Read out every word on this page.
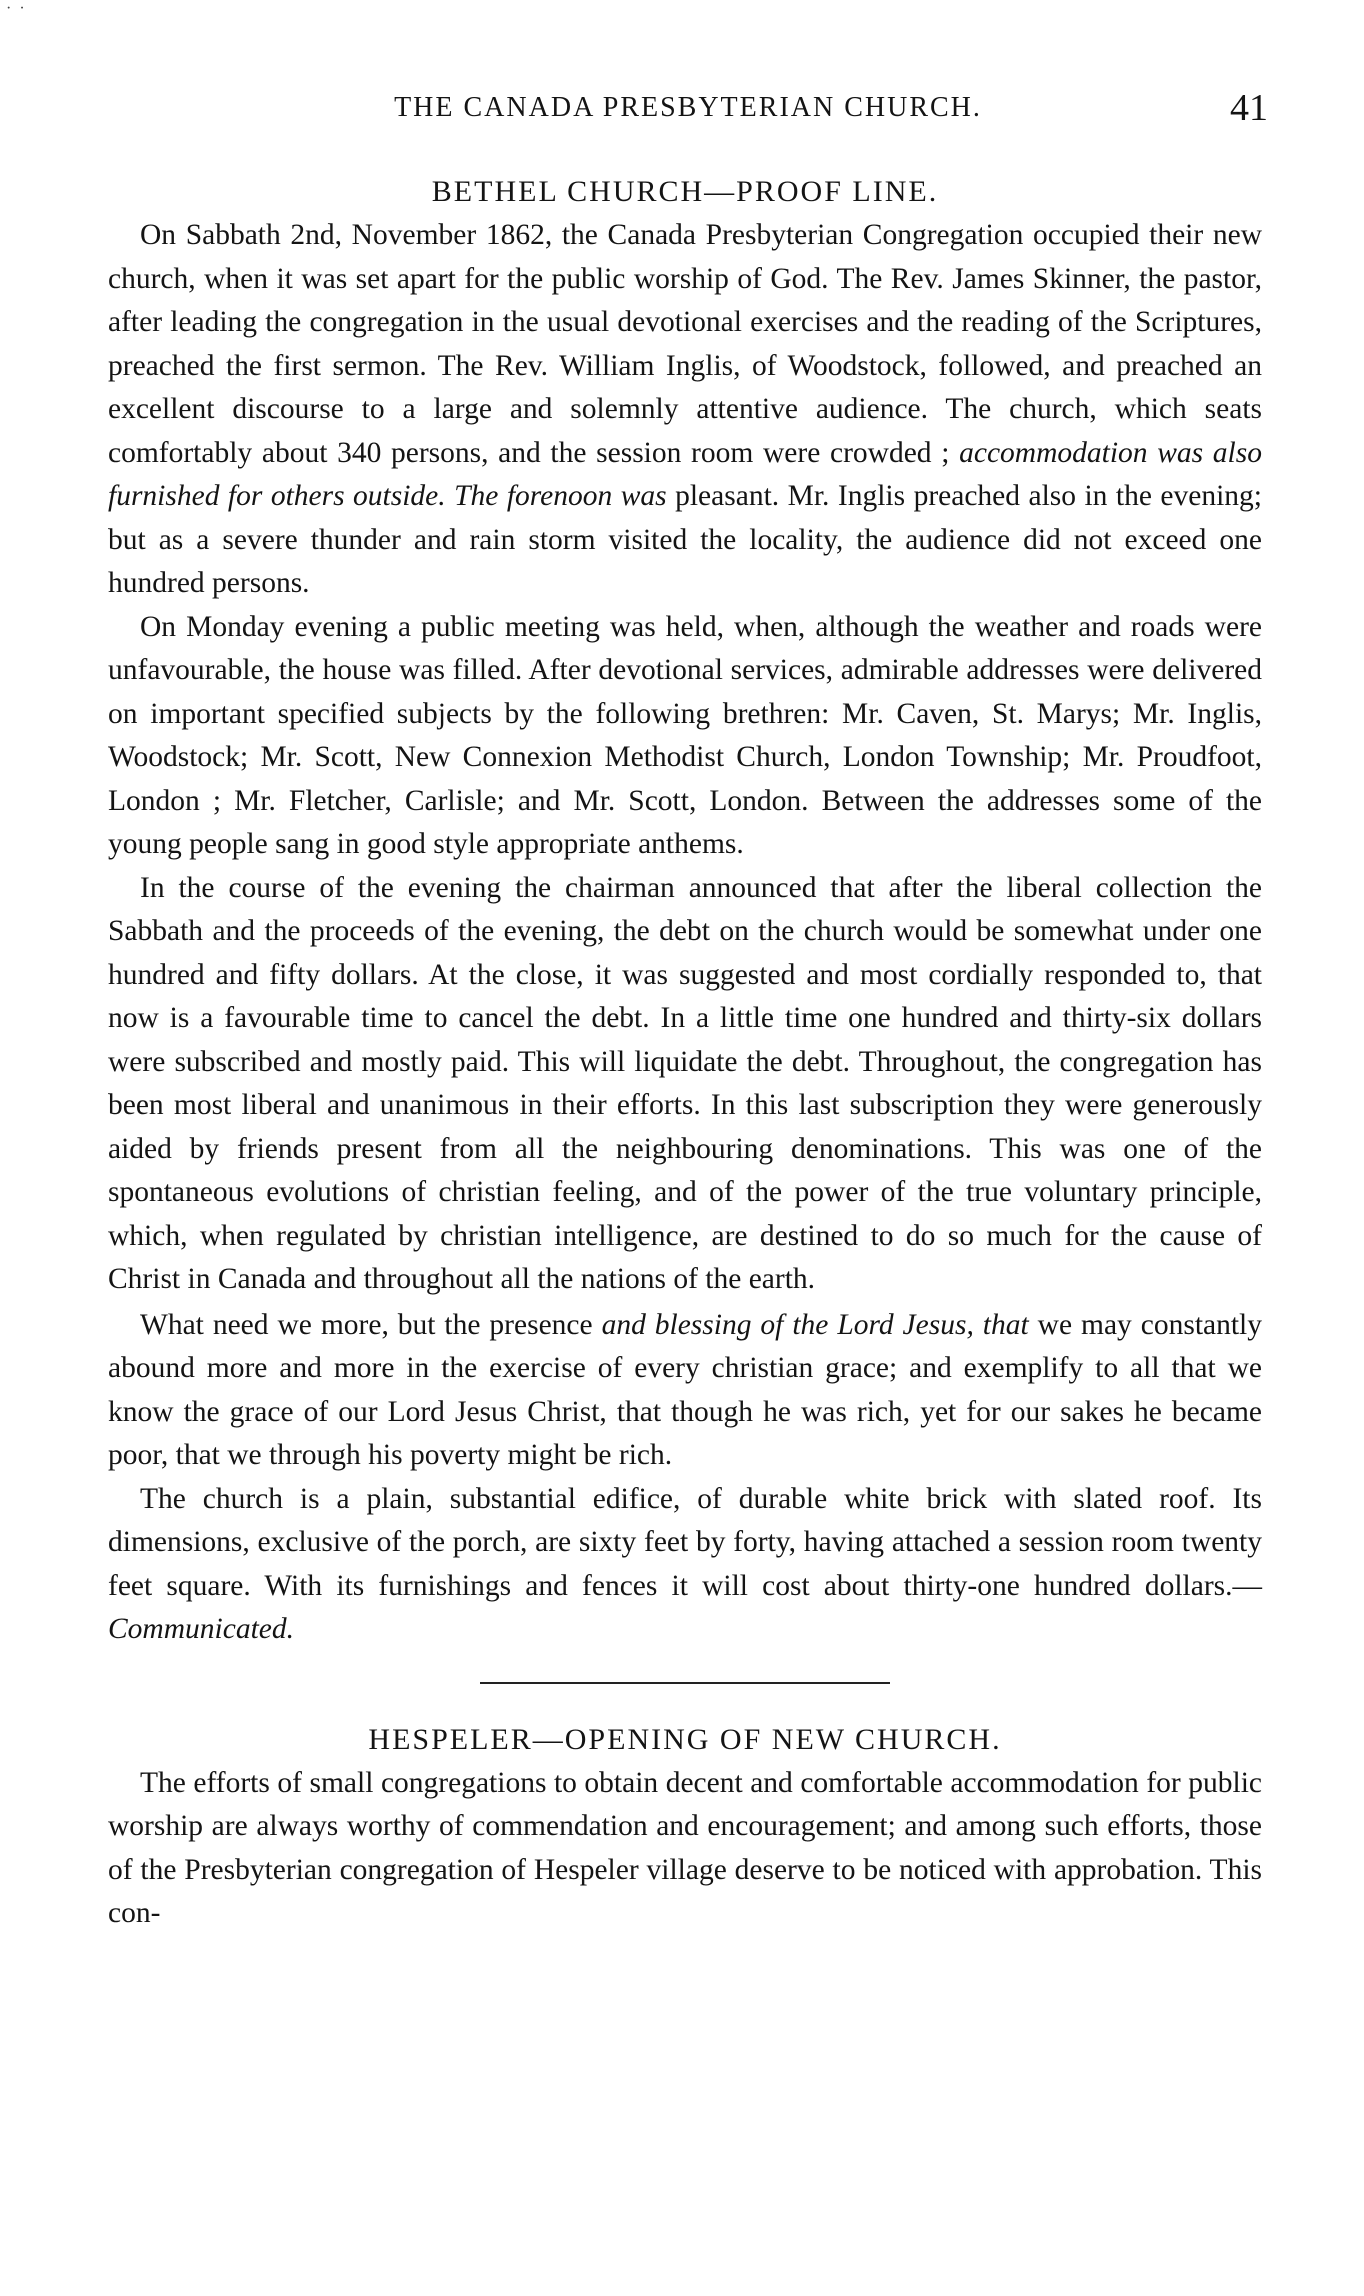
· ·
THE CANADA PRESBYTERIAN CHURCH.	41
BETHEL CHURCH—PROOF LINE.

On Sabbath 2nd, November 1862, the Canada Presbyterian Congregation occupied their new church, when it was set apart for the public worship of God. The Rev. James Skinner, the pastor, after leading the congregation in the usual devotional exercises and the reading of the Scriptures, preached the first sermon. The Rev. William Inglis, of Woodstock, followed, and preached an excellent discourse to a large and solemnly attentive audience. The church, which seats comfortably about 340 persons, and the session room were crowded ; accommodation was also furnished for others outside. The forenoon was pleasant. Mr. Inglis preached also in the evening; but as a severe thunder and rain storm visited the locality, the audience did not exceed one hundred persons.

On Monday evening a public meeting was held, when, although the weather and roads were unfavourable, the house was filled. After devotional services, admirable addresses were delivered on important specified subjects by the following brethren: Mr. Caven, St. Marys; Mr. Inglis, Woodstock; Mr. Scott, New Connexion Methodist Church, London Township; Mr. Proudfoot, London ; Mr. Fletcher, Carlisle; and Mr. Scott, London. Between the addresses some of the young people sang in good style appropriate anthems.

In the course of the evening the chairman announced that after the liberal collection the Sabbath and the proceeds of the evening, the debt on the church would be somewhat under one hundred and fifty dollars. At the close, it was suggested and most cordially responded to, that now is a favourable time to cancel the debt. In a little time one hundred and thirty-six dollars were subscribed and mostly paid. This will liquidate the debt. Throughout, the congregation has been most liberal and unanimous in their efforts. In this last subscription they were generously aided by friends present from all the neighbouring denominations. This was one of the spontaneous evolutions of christian feeling, and of the power of the true voluntary principle, which, when regulated by christian intelligence, are destined to do so much for the cause of Christ in Canada and throughout all the nations of the earth.

What need we more, but the presence and blessing of the Lord Jesus, that we may constantly abound more and more in the exercise of every christian grace; and exemplify to all that we know the grace of our Lord Jesus Christ, that though he was rich, yet for our sakes he became poor, that we through his poverty might be rich.

The church is a plain, substantial edifice, of durable white brick with slated roof. Its dimensions, exclusive of the porch, are sixty feet by forty, having attached a session room twenty feet square. With its furnishings and fences it will cost about thirty-one hundred dollars.—Communicated.

HESPELER—OPENING OF NEW CHURCH.

The efforts of small congregations to obtain decent and comfortable accommodation for public worship are always worthy of commendation and encouragement; and among such efforts, those of the Presbyterian congregation of Hespeler village deserve to be noticed with approbation. This con-
